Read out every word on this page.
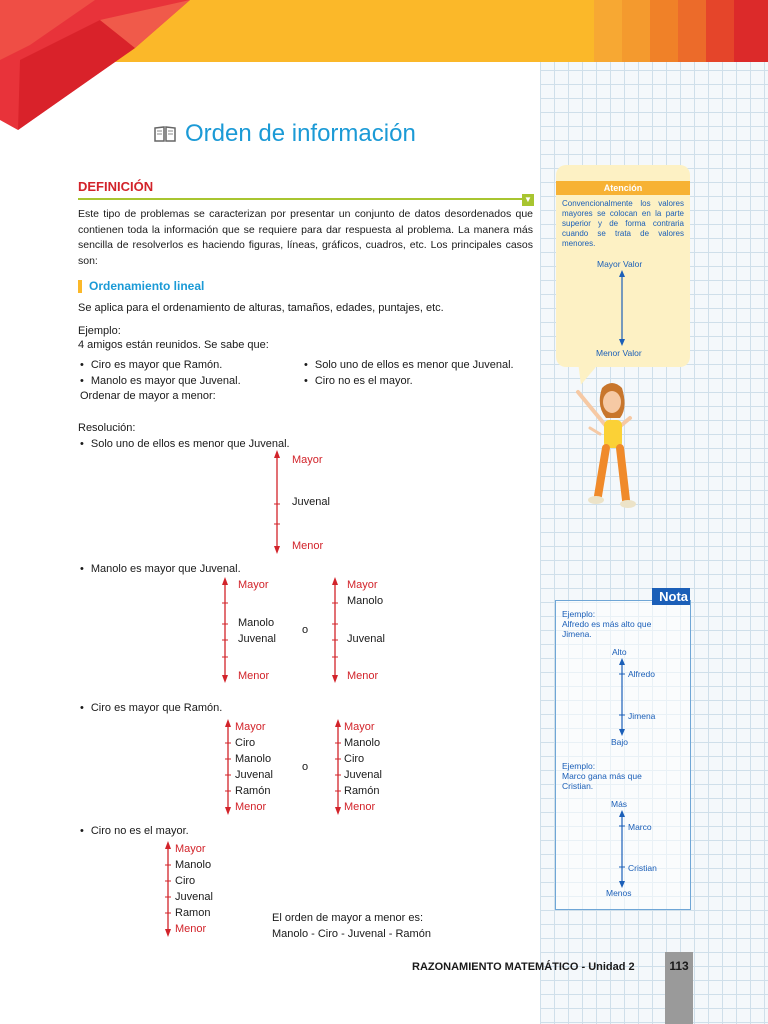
Orden de información
DEFINICIÓN
▼
Este tipo de problemas se caracterizan por presentar un conjunto de datos desordenados que contienen toda la información que se requiere para dar respuesta al problema. La manera más sencilla de resolverlos es haciendo figuras, líneas, gráficos, cuadros, etc. Los principales casos son:
Ordenamiento lineal
Se aplica para el ordenamiento de alturas, tamaños, edades, puntajes, etc.
Ejemplo:
4 amigos están reunidos. Se sabe que:
• Ciro es mayor que Ramón.
• Manolo es mayor que Juvenal.
• Solo uno de ellos es menor que Juvenal.
• Ciro no es el mayor.
Ordenar de mayor a menor:
Resolución:
• Solo uno de ellos es menor que Juvenal.
Mayor
Juvenal
Menor
• Manolo es mayor que Juvenal.
Mayor
Manolo
Juvenal
Menor
o
Mayor
Manolo
Juvenal
Menor
• Ciro es mayor que Ramón.
Mayor
Ciro
Manolo
Juvenal
Ramón
Menor
o
Mayor
Manolo
Ciro
Juvenal
Ramón
Menor
• Ciro no es el mayor.
Mayor
Manolo
Ciro
Juvenal
Ramon
Menor
El orden de mayor a menor es:
Manolo - Ciro - Juvenal - Ramón
Atención
Convencionalmente los valores mayores se colocan en la parte superior y de forma contraria cuando se trata de valores menores.
Mayor Valor
Menor Valor
Nota
Ejemplo:
Alfredo es más alto que Jimena.
Alto
Alfredo
Jimena
Bajo
Ejemplo:
Marco gana más que Cristian.
Más
Marco
Cristian
Menos
RAZONAMIENTO MATEMÁTICO - Unidad 2	113
